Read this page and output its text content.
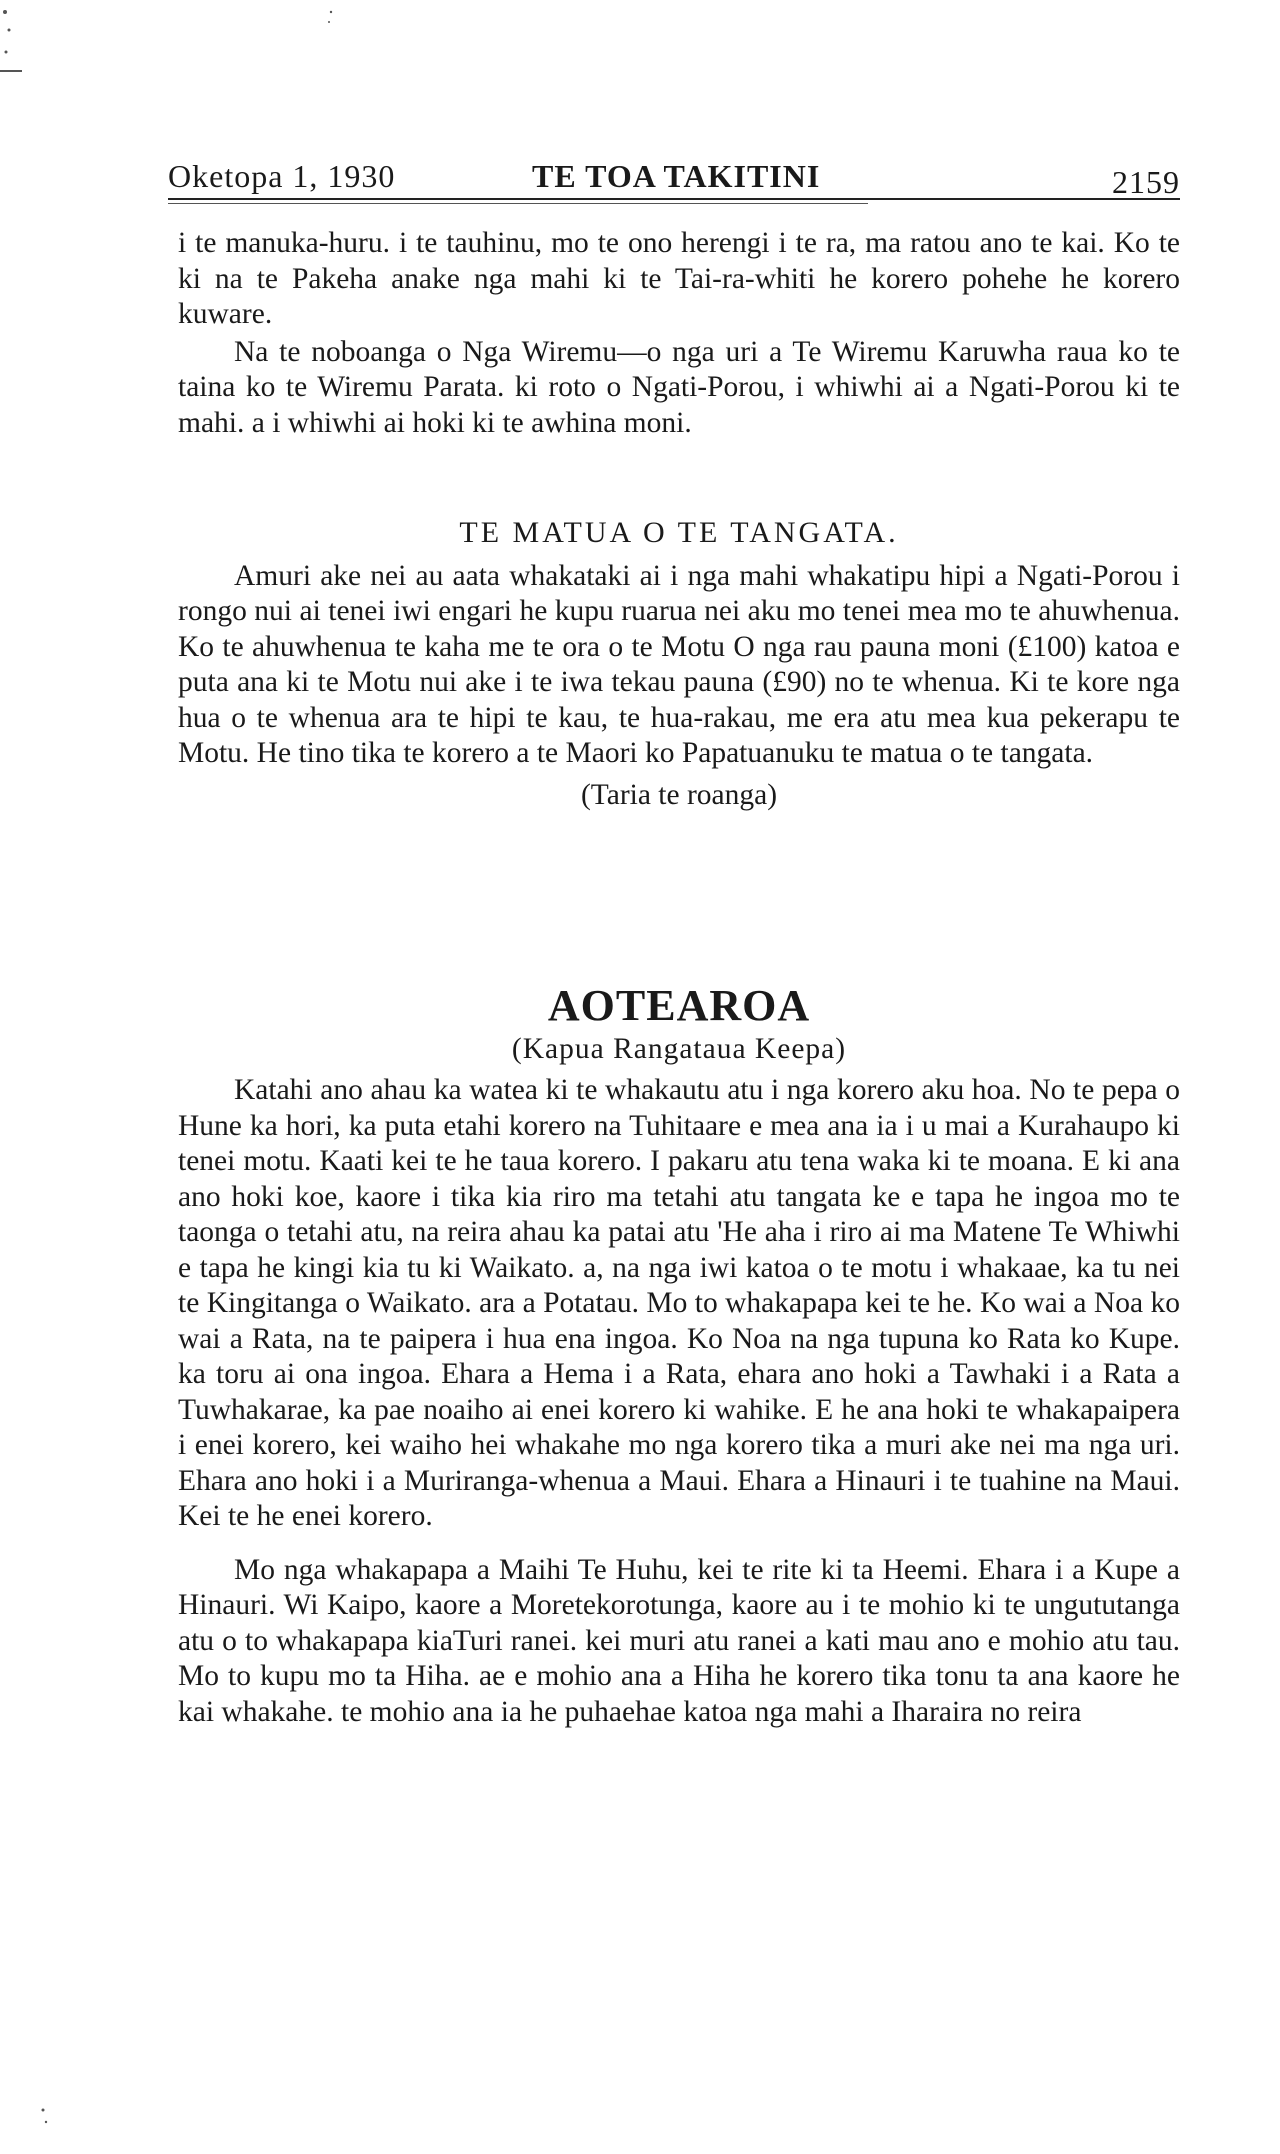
Oketopa 1, 1930	TE TOA TAKITINI	2159

i te manuka-huru. i te tauhinu, mo te ono herengi i te ra, ma ratou ano te kai. Ko te ki na te Pakeha anake nga mahi ki te Tai-ra-whiti he korero pohehe he korero kuware.

Na te noboanga o Nga Wiremu—o nga uri a Te Wiremu Karuwha raua ko te taina ko te Wiremu Parata. ki roto o Ngati-Porou, i whiwhi ai a Ngati-Porou ki te mahi. a i whiwhi ai hoki ki te awhina moni.

TE MATUA O TE TANGATA.

Amuri ake nei au aata whakataki ai i nga mahi whakatipu hipi a Ngati-Porou i rongo nui ai tenei iwi engari he kupu ruarua nei aku mo tenei mea mo te ahuwhenua. Ko te ahuwhenua te kaha me te ora o te Motu O nga rau pauna moni (£100) katoa e puta ana ki te Motu nui ake i te iwa tekau pauna (£90) no te whenua. Ki te kore nga hua o te whenua ara te hipi te kau, te hua-rakau, me era atu mea kua pekerapu te Motu. He tino tika te korero a te Maori ko Papatuanuku te matua o te tangata.

(Taria te roanga)

AOTEAROA

(Kapua Rangataua Keepa)

Katahi ano ahau ka watea ki te whakautu atu i nga korero aku hoa. No te pepa o Hune ka hori, ka puta etahi korero na Tuhitaare e mea ana ia i u mai a Kurahaupo ki tenei motu. Kaati kei te he taua korero. I pakaru atu tena waka ki te moana. E ki ana ano hoki koe, kaore i tika kia riro ma tetahi atu tangata ke e tapa he ingoa mo te taonga o tetahi atu, na reira ahau ka patai atu 'He aha i riro ai ma Matene Te Whiwhi e tapa he kingi kia tu ki Waikato. a, na nga iwi katoa o te motu i whakaae, ka tu nei te Kingitanga o Waikato. ara a Potatau. Mo to whakapapa kei te he. Ko wai a Noa ko wai a Rata, na te paipera i hua ena ingoa. Ko Noa na nga tupuna ko Rata ko Kupe. ka toru ai ona ingoa. Ehara a Hema i a Rata, ehara ano hoki a Tawhaki i a Rata a Tuwhakarae, ka pae noaiho ai enei korero ki wahike. E he ana hoki te whakapaipera i enei korero, kei waiho hei whakahe mo nga korero tika a muri ake nei ma nga uri. Ehara ano hoki i a Muriranga-whenua a Maui. Ehara a Hinauri i te tuahine na Maui. Kei te he enei korero.

Mo nga whakapapa a Maihi Te Huhu, kei te rite ki ta Heemi. Ehara i a Kupe a Hinauri. Wi Kaipo, kaore a Moretekorotunga, kaore au i te mohio ki te ungututanga atu o to whakapapa kiaTuri ranei. kei muri atu ranei a kati mau ano e mohio atu tau. Mo to kupu mo ta Hiha. ae e mohio ana a Hiha he korero tika tonu ta ana kaore he kai whakahe. te mohio ana ia he puhaehae katoa nga mahi a Iharaira no reira
